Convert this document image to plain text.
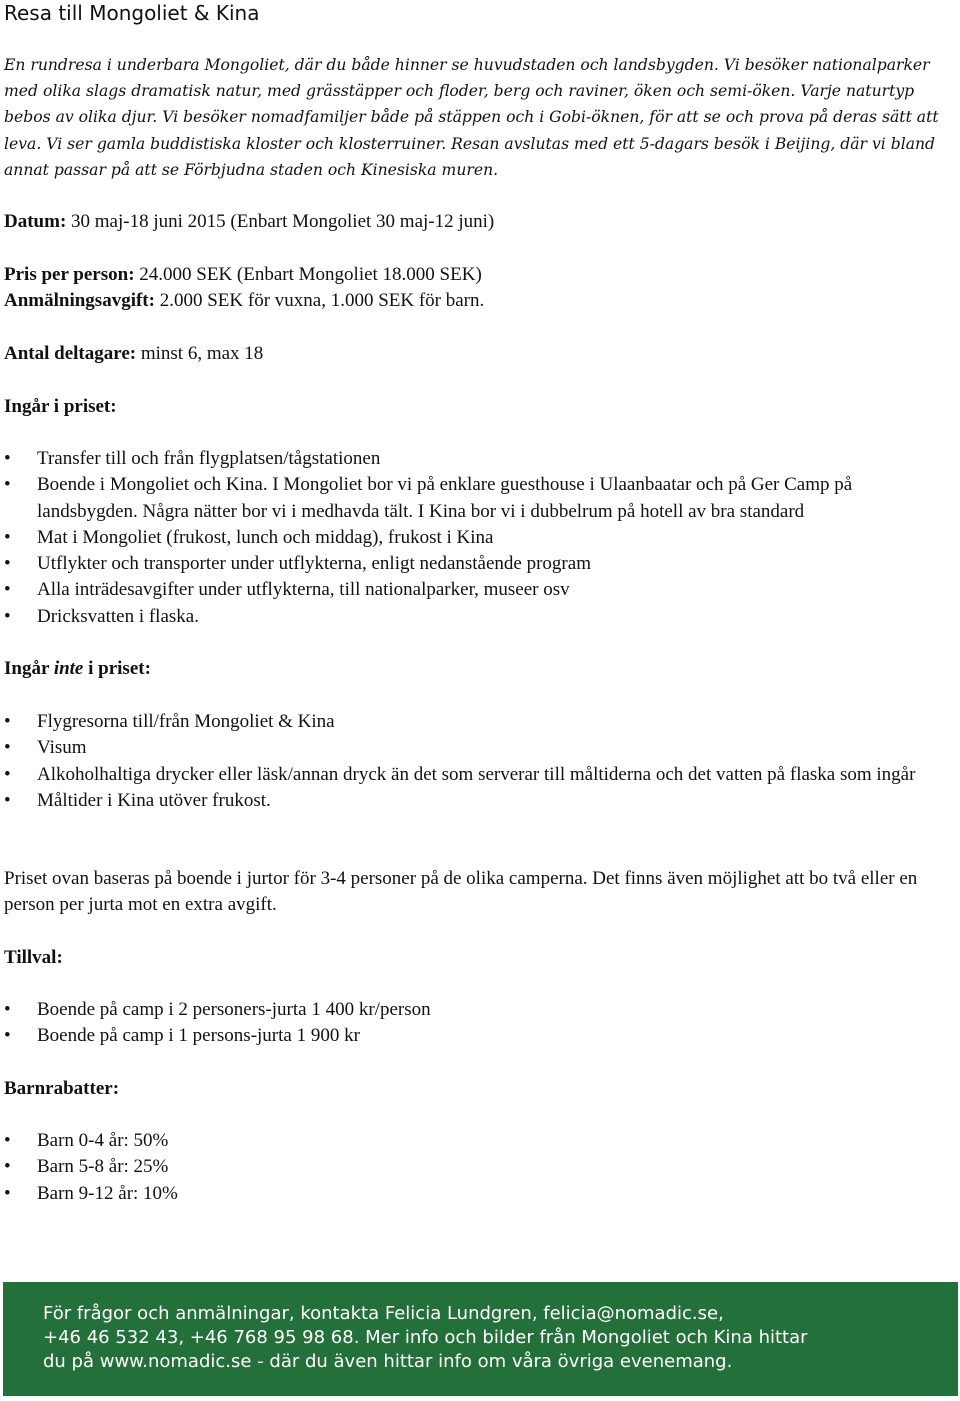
Resa till Mongoliet & Kina
En rundresa i underbara Mongoliet, där du både hinner se huvudstaden och landsbygden. Vi besöker nationalparker med olika slags dramatisk natur, med grässtäpper och floder, berg och raviner, öken och semi-öken. Varje naturtyp bebos av olika djur. Vi besöker nomadfamiljer både på stäppen och i Gobi-öknen, för att se och prova på deras sätt att leva. Vi ser gamla buddistiska kloster och klosterruiner. Resan avslutas med ett 5-dagars besök i Beijing, där vi bland annat passar på att se Förbjudna staden och Kinesiska muren.
Datum: 30 maj-18 juni 2015 (Enbart Mongoliet 30 maj-12 juni)
Pris per person: 24.000 SEK (Enbart Mongoliet 18.000 SEK)
Anmälningsavgift: 2.000 SEK för vuxna, 1.000 SEK för barn.
Antal deltagare: minst 6, max 18
Ingår i priset:
• Transfer till och från flygplatsen/tågstationen
• Boende i Mongoliet och Kina. I Mongoliet bor vi på enklare guesthouse i Ulaanbaatar och på Ger Camp på landsbygden. Några nätter bor vi i medhavda tält. I Kina bor vi i dubbelrum på hotell av bra standard
• Mat i Mongoliet (frukost, lunch och middag), frukost i Kina
• Utflykter och transporter under utflykterna, enligt nedanstående program
• Alla inträdesavgifter under utflykterna, till nationalparker, museer osv
• Dricksvatten i flaska.
Ingår inte i priset:
• Flygresorna till/från Mongoliet & Kina
• Visum
• Alkoholhaltiga drycker eller läsk/annan dryck än det som serverar till måltiderna och det vatten på flaska som ingår
• Måltider i Kina utöver frukost.
Priset ovan baseras på boende i jurtor för 3-4 personer på de olika camperna. Det finns även möjlighet att bo två eller en person per jurta mot en extra avgift.
Tillval:
• Boende på camp i 2 personers-jurta 1 400 kr/person
• Boende på camp i 1 persons-jurta 1 900 kr
Barnrabatter:
• Barn 0-4 år: 50%
• Barn 5-8 år: 25%
• Barn 9-12 år: 10%
För frågor och anmälningar, kontakta Felicia Lundgren, felicia@nomadic.se,
+46 46 532 43, +46 768 95 98 68. Mer info och bilder från Mongoliet och Kina hittar
du på www.nomadic.se - där du även hittar info om våra övriga evenemang.
